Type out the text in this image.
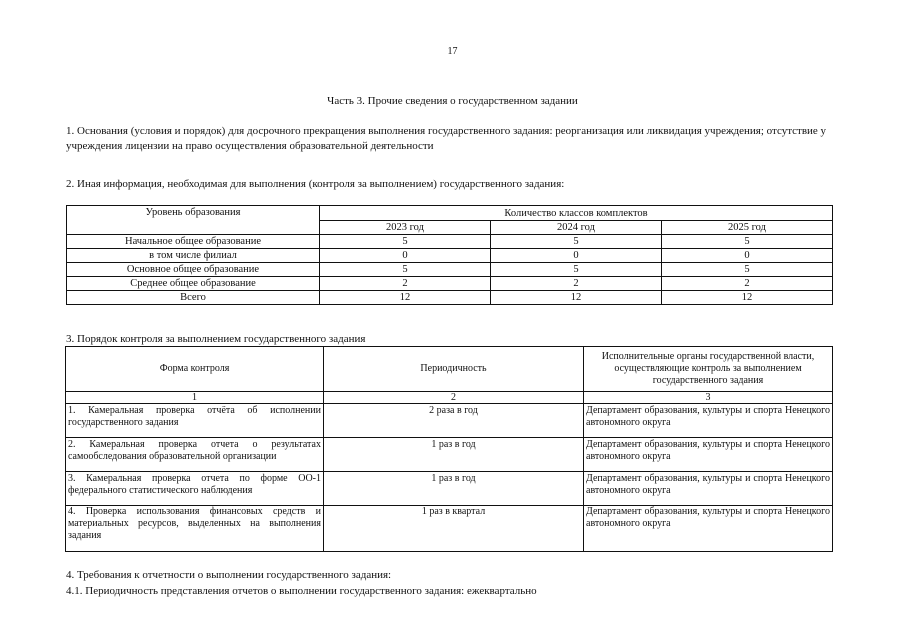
17
Часть 3. Прочие сведения о государственном задании
1. Основания (условия и порядок) для досрочного прекращения выполнения государственного задания: реорганизация или ликвидация учреждения; отсутствие у учреждения лицензии на право осуществления образовательной деятельности
2. Иная информация, необходимая для выполнения (контроля за выполнением) государственного задания:
Уровень образования	Количество классов комплектов		
	2023 год	2024 год	2025 год
Начальное общее образование	5	5	5
в том числе филиал	0	0	0
Основное общее образование	5	5	5
Среднее общее образование	2	2	2
Всего	12	12	12
3. Порядок контроля за выполнением государственного задания
Форма контроля	Периодичность	Исполнительные органы государственной власти, осуществляющие контроль за выполнением государственного задания
1	2	3
1. Камеральная проверка отчёта об исполнении государственного задания	2 раза в год	Департамент образования, культуры и спорта Ненецкого автономного округа
2. Камеральная проверка отчета о результатах самообследования образовательной организации	1 раз в год	Департамент образования, культуры и спорта Ненецкого автономного округа
3. Камеральная проверка отчета по форме ОО-1 федерального статистического наблюдения	1 раз в год	Департамент образования, культуры и спорта Ненецкого автономного округа
4. Проверка использования финансовых средств и материальных ресурсов, выделенных на выполнения задания	1 раз в квартал	Департамент образования, культуры и спорта Ненецкого автономного округа
4. Требования к отчетности о выполнении государственного задания:
4.1. Периодичность представления отчетов о выполнении государственного задания: ежеквартально
